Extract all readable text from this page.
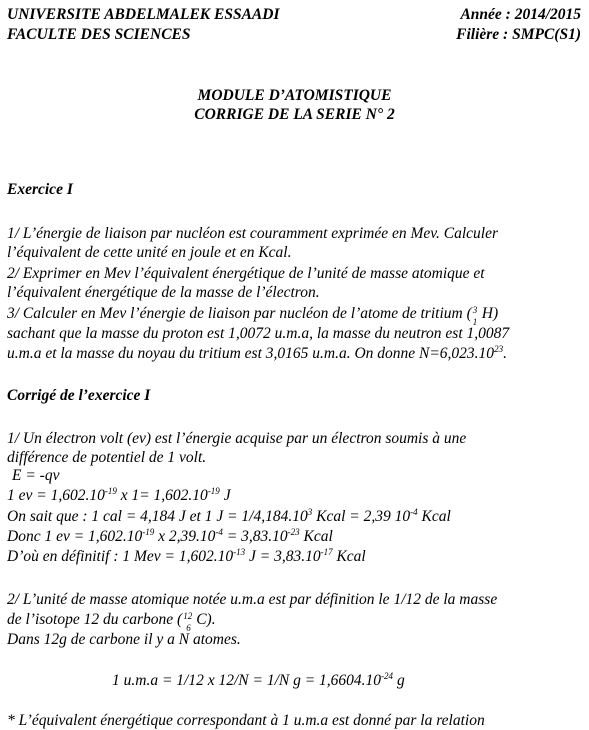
UNIVERSITE ABDELMALEK ESSAADI
FACULTE DES SCIENCES
Année : 2014/2015
Filière : SMPC(S1)
MODULE D’ATOMISTIQUE
CORRIGE DE LA SERIE N° 2
Exercice I
1/ L’énergie de liaison par nucléon est couramment exprimée en Mev. Calculer
l’équivalent de cette unité en joule et en Kcal.
2/ Exprimer en Mev l’équivalent énergétique de l’unité de masse atomique et
l’équivalent énergétique de la masse de l’électron.
3/ Calculer en Mev l’énergie de liaison par nucléon de l’atome de tritium ( 3
1 H)
sachant que la masse du proton est 1,0072 u.m.a, la masse du neutron est 1,0087
u.m.a et la masse du noyau du tritium est 3,0165 u.m.a. On donne $N=6,023.10^{23}$.
Corrigé de l’exercice I
1/ Un électron volt (ev) est l’énergie acquise par un électron soumis à une
différence de potentiel de 1 volt.
E = -qv
1 ev = $1,602.10^{-19}$ x $1= 1,602.10^{-19}$ J
On sait que : 1 cal = 4,184 J et 1 $J = 1/4,184.10^3$ Kcal = 2,39 $10^{-4}$ Kcal
Donc 1 ev = $1,602.10^{-19}$ x $2,39.10^{-4} = 3,83.10^{-23}$ Kcal
D’où en définitif : 1 Mev = $1,602.10^{-13}$ $J = 3,83.10^{-17}$ Kcal
2/ L’unité de masse atomique notée u.m.a est par définition le 1/12 de la masse
de l’isotope 12 du carbone ( 12
6 C).
Dans 12g de carbone il y a N atomes.
1 u.m.a = 1/12 x 12/N = 1/N $g = 1,6604.10^{-24}$ g
* L’équivalent énergétique correspondant à 1 u.m.a est donné par la relation
